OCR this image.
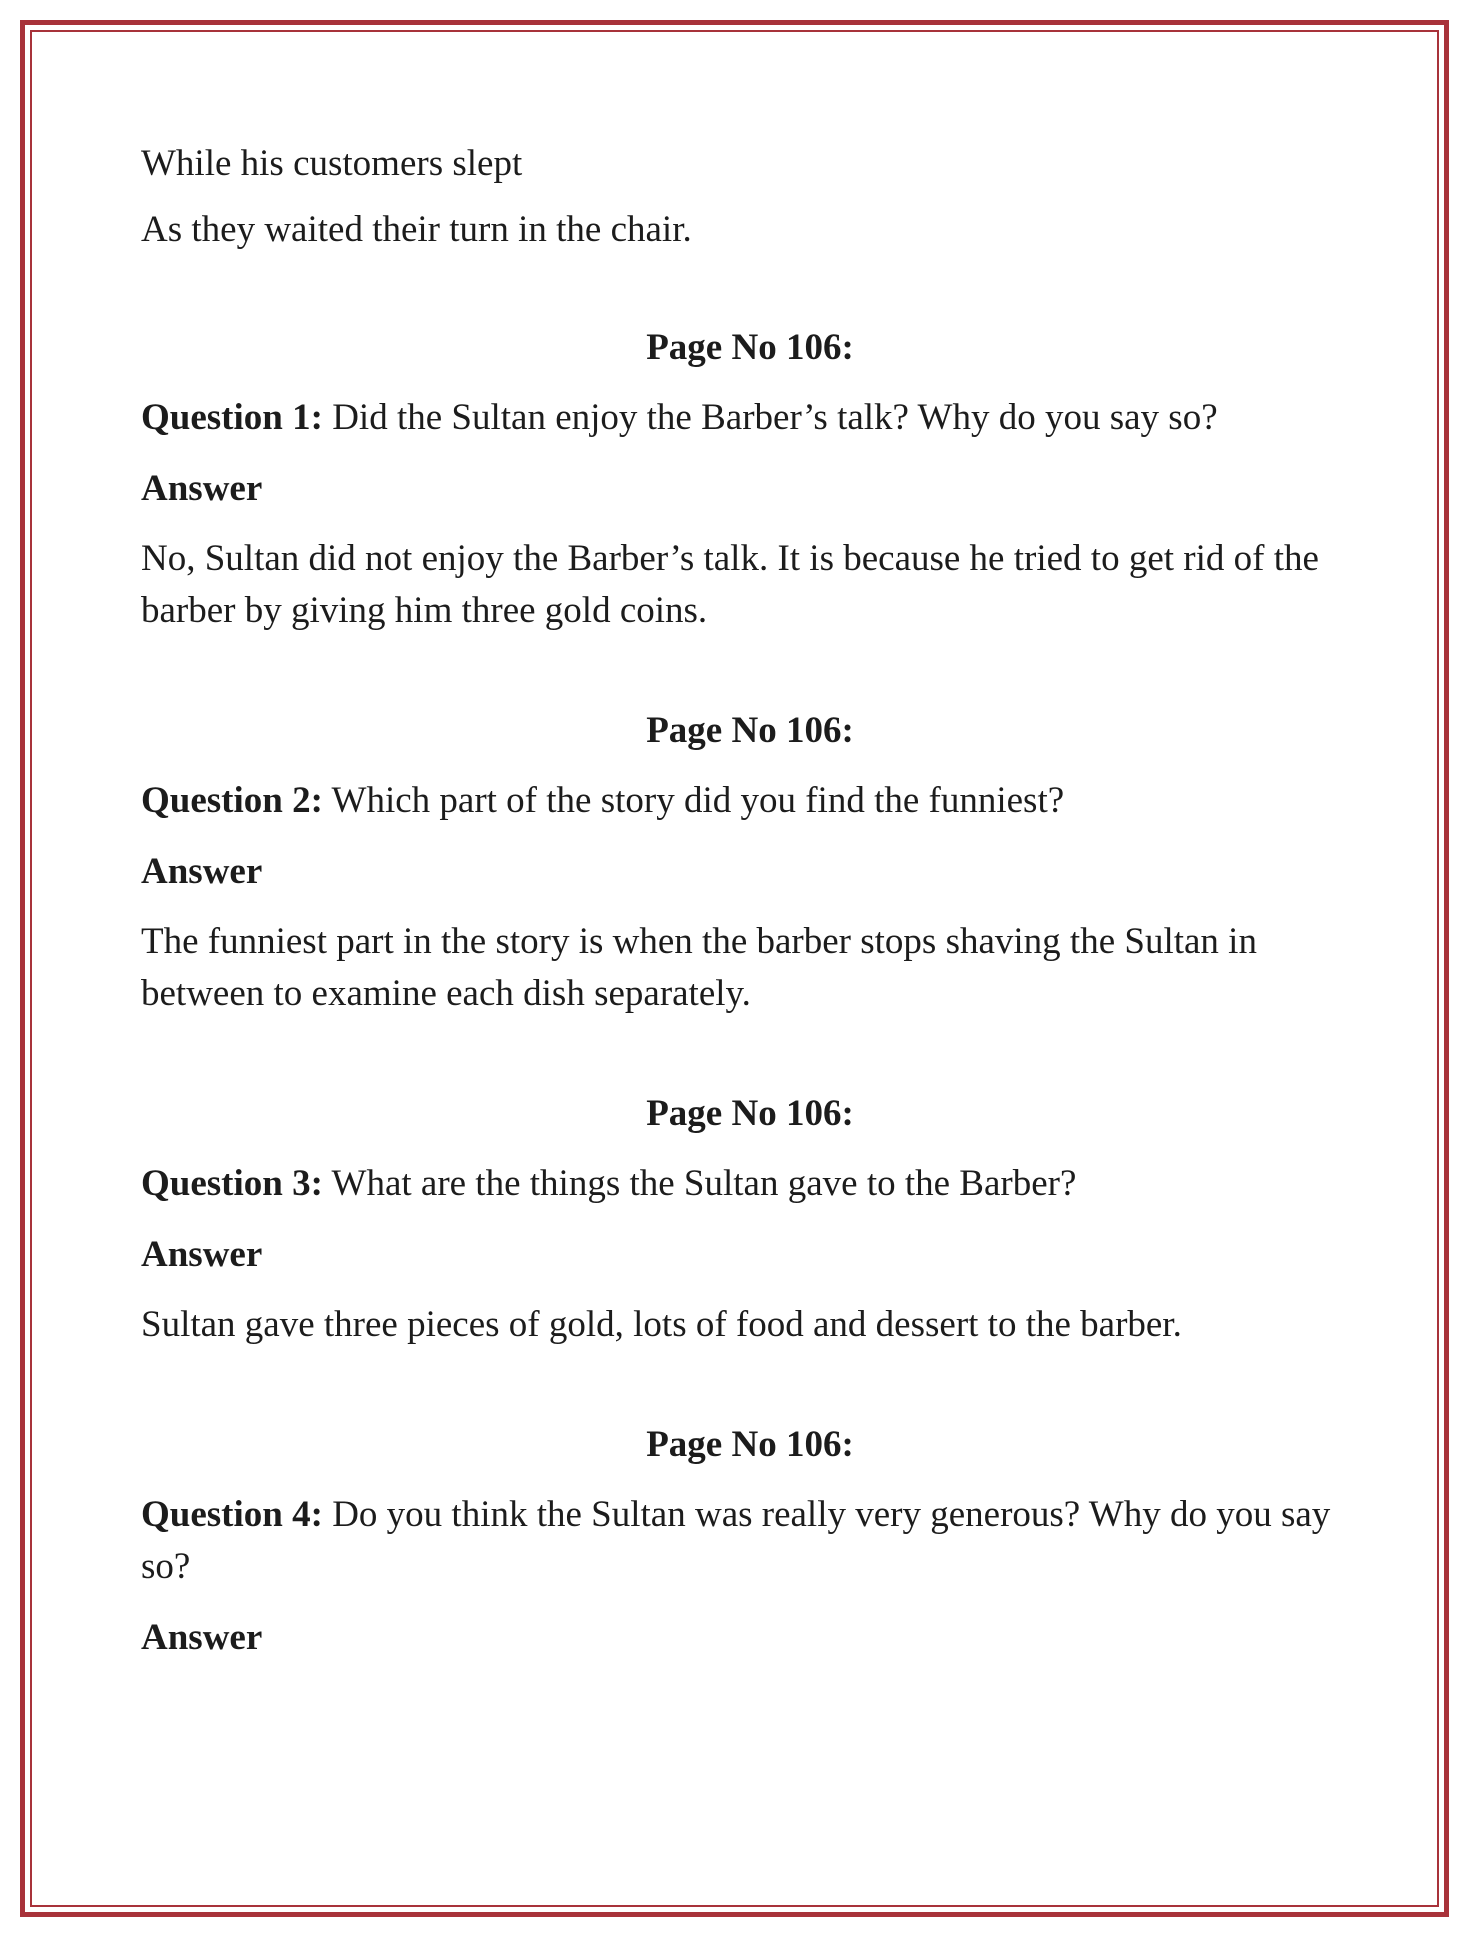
While his customers slept
As they waited their turn in the chair.
Page No 106:
Question 1: Did the Sultan enjoy the Barber’s talk? Why do you say so?
Answer
No, Sultan did not enjoy the Barber’s talk. It is because he tried to get rid of the barber by giving him three gold coins.
Page No 106:
Question 2: Which part of the story did you find the funniest?
Answer
The funniest part in the story is when the barber stops shaving the Sultan in between to examine each dish separately.
Page No 106:
Question 3: What are the things the Sultan gave to the Barber?
Answer
Sultan gave three pieces of gold, lots of food and dessert to the barber.
Page No 106:
Question 4: Do you think the Sultan was really very generous? Why do you say so?
Answer
